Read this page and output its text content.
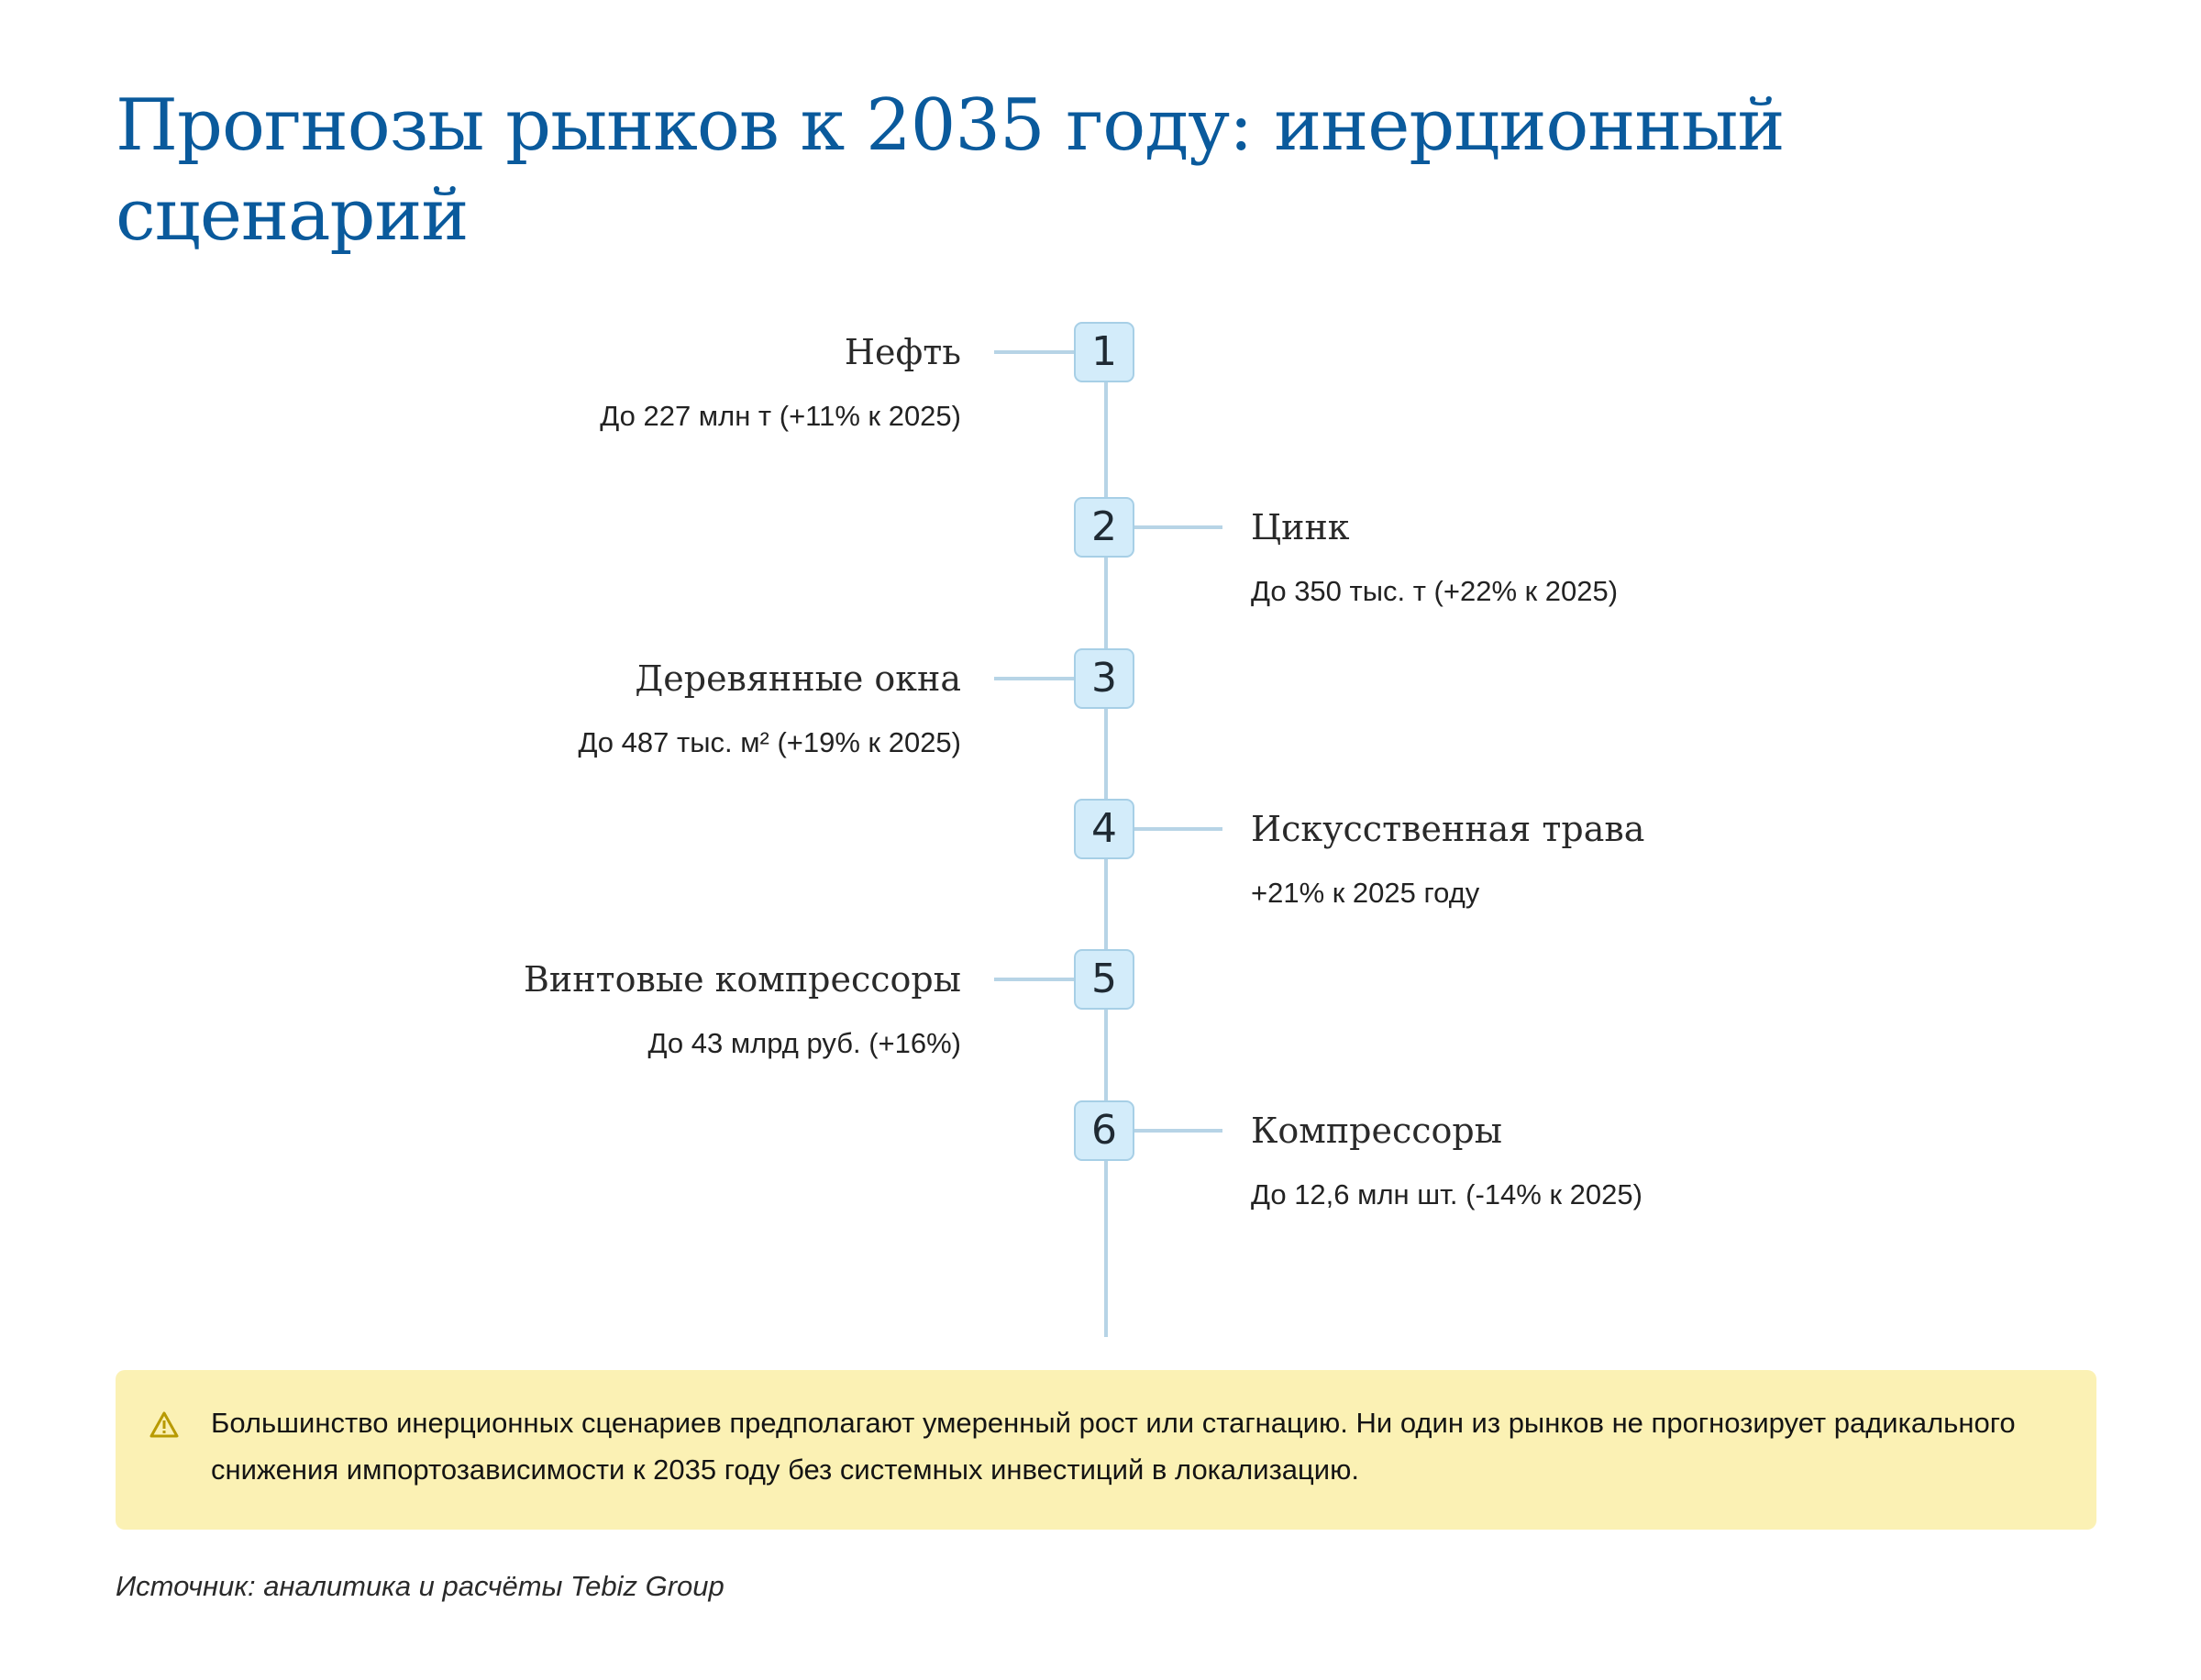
Прогнозы рынков к 2035 году: инерционный сценарий
1
Нефть
До 227 млн т (+11% к 2025)
2	Цинк
До 350 тыс. т (+22% к 2025)
3
Деревянные окна
До 487 тыс. м² (+19% к 2025)
4	Искусственная трава
+21% к 2025 году
5
Винтовые компрессоры
До 43 млрд руб. (+16%)
6	Компрессоры
До 12,6 млн шт. (-14% к 2025)
Большинство инерционных сценариев предполагают умеренный рост или стагнацию. Ни один из рынков не прогнозирует радикального снижения импортозависимости к 2035 году без системных инвестиций в локализацию.
Источник: аналитика и расчёты Tebiz Group
